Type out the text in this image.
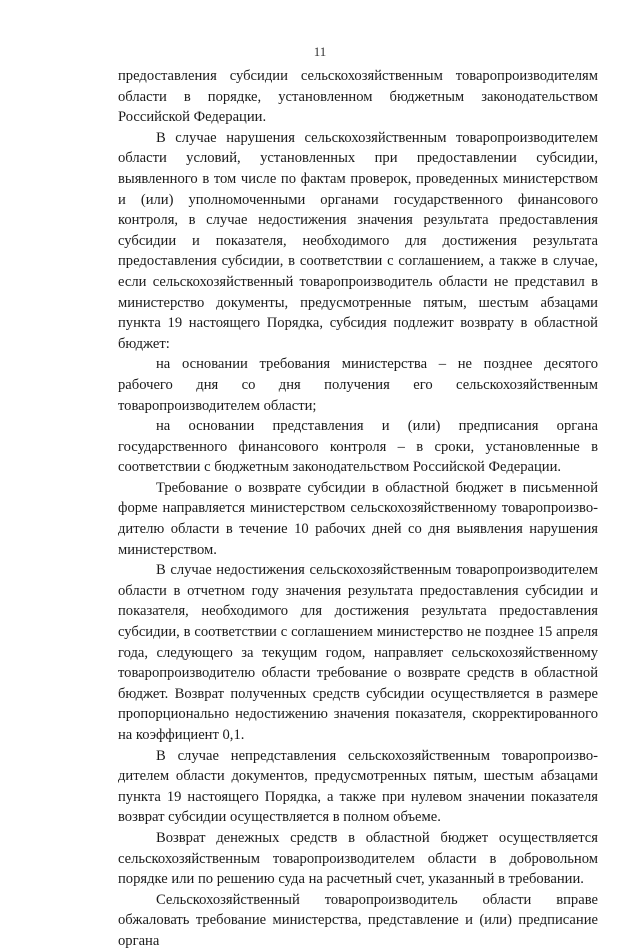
11

предоставления субсидии сельскохозяйственным товаропроизводителям области в порядке, установленном бюджетным законодательством Российской Федерации.

В случае нарушения сельскохозяйственным товаропроизводителем области условий, установленных при предоставлении субсидии, выявленного в том числе по фактам проверок, проведенных министерством и (или) уполномоченными органами государственного финансового контроля, в случае недостижения значения результата предоставления субсидии и показателя, необходимого для достижения результата предоставления субсидии, в соответствии с соглашением, а также в случае, если сельскохозяйственный товаропроизводитель области не представил в министерство документы, предусмотренные пятым, шестым абзацами пункта 19 настоящего Порядка, субсидия подлежит возврату в областной бюджет:

на основании требования министерства – не позднее десятого рабочего дня со дня получения его сельскохозяйственным товаропроизводителем области;

на основании представления и (или) предписания органа государственного финансового контроля – в сроки, установленные в соответствии с бюджетным законодательством Российской Федерации.

Требование о возврате субсидии в областной бюджет в письменной форме направляется министерством сельскохозяйственному товаропроизводителю области в течение 10 рабочих дней со дня выявления нарушения министерством.

В случае недостижения сельскохозяйственным товаропроизводителем области в отчетном году значения результата предоставления субсидии и показателя, необходимого для достижения результата предоставления субсидии, в соответствии с соглашением министерство не позднее 15 апреля года, следующего за текущим годом, направляет сельскохозяйственному товаропроизводителю области требование о возврате средств в областной бюджет. Возврат полученных средств субсидии осуществляется в размере пропорционально недостижению значения показателя, скорректированного на коэффициент 0,1.

В случае непредставления сельскохозяйственным товаропроизводителем области документов, предусмотренных пятым, шестым абзацами пункта 19 настоящего Порядка, а также при нулевом значении показателя возврат субсидии осуществляется в полном объеме.

Возврат денежных средств в областной бюджет осуществляется сельскохозяйственным товаропроизводителем области в добровольном порядке или по решению суда на расчетный счет, указанный в требовании.

Сельскохозяйственный товаропроизводитель области вправе обжаловать требование министерства, представление и (или) предписание органа
